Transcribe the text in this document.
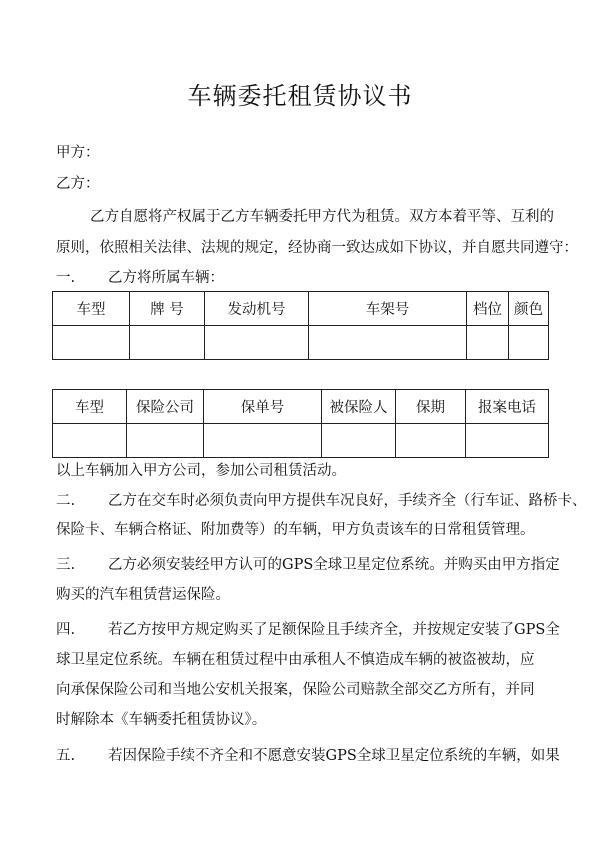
车辆委托租赁协议书
甲方：
乙方：
乙方自愿将产权属于乙方车辆委托甲方代为租赁。双方本着平等、互利的
原则，依照相关法律、法规的规定，经协商一致达成如下协议，并自愿共同遵守：
一. 乙方将所属车辆：
车型	牌 号	发动机号	车架号	档位	颜色

车型	保险公司	保单号	被保险人	保期	报案电话

以上车辆加入甲方公司，参加公司租赁活动。
二. 乙方在交车时必须负责向甲方提供车况良好，手续齐全（行车证、路桥卡、
保险卡、车辆合格证、附加费等）的车辆，甲方负责该车的日常租赁管理。
三. 乙方必须安装经甲方认可的GPS全球卫星定位系统。并购买由甲方指定
购买的汽车租赁营运保险。
四. 若乙方按甲方规定购买了足额保险且手续齐全，并按规定安装了GPS全
球卫星定位系统。车辆在租赁过程中由承租人不慎造成车辆的被盗被劫，应
向承保保险公司和当地公安机关报案，保险公司赔款全部交乙方所有，并同
时解除本《车辆委托租赁协议》。
五. 若因保险手续不齐全和不愿意安装GPS全球卫星定位系统的车辆，如果
